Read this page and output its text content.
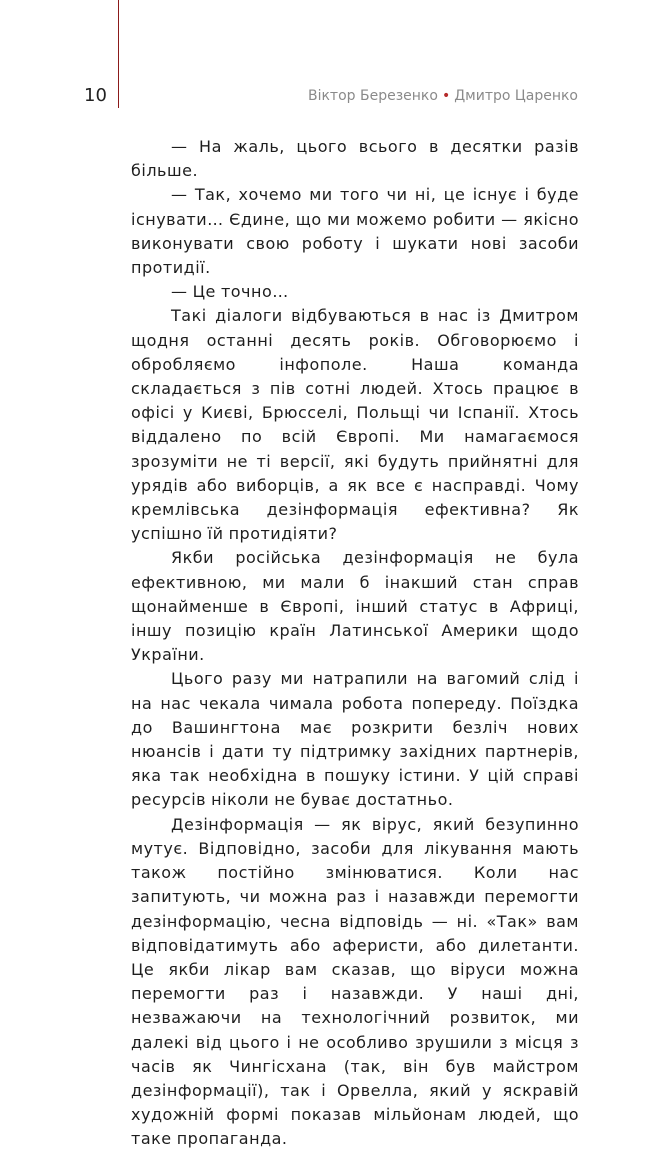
10	Віктор Березенко • Дмитро Царенко

— На жаль, цього всього в десятки разів більше.

— Так, хочемо ми того чи ні, це існує і буде існувати… Єдине, що ми можемо робити — якісно виконувати свою роботу і шукати нові засоби протидії.

— Це точно…

Такі діалоги відбуваються в нас із Дмитром щодня останні десять років. Обговорюємо і обробляємо інфополе. Наша команда складається з пів сотні людей. Хтось працює в офісі у Києві, Брюсселі, Польщі чи Іспанії. Хтось віддалено по всій Європі. Ми намагаємося зрозуміти не ті версії, які будуть прийнятні для урядів або виборців, а як все є насправді. Чому кремлівська дезінформація ефективна? Як успішно їй протидіяти?

Якби російська дезінформація не була ефективною, ми мали б інакший стан справ щонайменше в Європі, інший статус в Африці, іншу позицію країн Латинської Америки щодо України.

Цього разу ми натрапили на вагомий слід і на нас чекала чимала робота попереду. Поїздка до Вашингтона має розкрити безліч нових нюансів і дати ту підтримку західних партнерів, яка так необхідна в пошуку істини. У цій справі ресурсів ніколи не буває достатньо.

Дезінформація — як вірус, який безупинно мутує. Відповідно, засоби для лікування мають також постійно змінюватися. Коли нас запитують, чи можна раз і назавжди перемогти дезінформацію, чесна відповідь — ні. «Так» вам відповідатимуть або аферисти, або дилетанти. Це якби лікар вам сказав, що віруси можна перемогти раз і назавжди. У наші дні, незважаючи на технологічний розвиток, ми далекі від цього і не особливо зрушили з місця з часів як Чингісхана (так, він був майстром дезінформації), так і Орвелла, який у яскравій художній формі показав мільйонам людей, що таке пропаганда.
